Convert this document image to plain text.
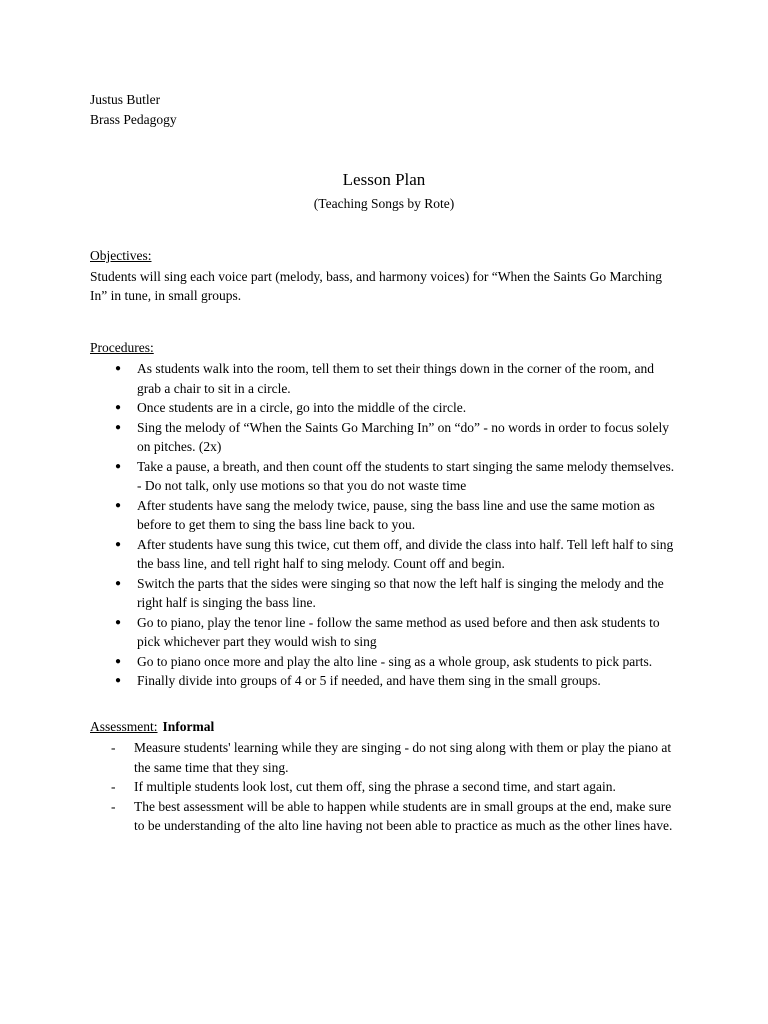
Justus Butler

Brass Pedagogy

Lesson Plan

(Teaching Songs by Rote)

Objectives:

Students will sing each voice part (melody, bass, and harmony voices) for “When the Saints Go Marching In” in tune, in small groups.

Procedures:

●	As students walk into the room, tell them to set their things down in the corner of the room, and grab a chair to sit in a circle.
●	Once students are in a circle, go into the middle of the circle.
●	Sing the melody of “When the Saints Go Marching In” on “do” - no words in order to focus solely on pitches. (2x)
●	Take a pause, a breath, and then count off the students to start singing the same melody themselves. - Do not talk, only use motions so that you do not waste time
●	After students have sang the melody twice, pause, sing the bass line and use the same motion as before to get them to sing the bass line back to you.
●	After students have sung this twice, cut them off, and divide the class into half. Tell left half to sing the bass line, and tell right half to sing melody. Count off and begin.
●	Switch the parts that the sides were singing so that now the left half is singing the melody and the right half is singing the bass line.
●	Go to piano, play the tenor line - follow the same method as used before and then ask students to pick whichever part they would wish to sing
●	Go to piano once more and play the alto line - sing as a whole group, ask students to pick parts.
●	Finally divide into groups of 4 or 5 if needed, and have them sing in the small groups.

Assessment: Informal

-	Measure students' learning while they are singing - do not sing along with them or play the piano at the same time that they sing.
-	If multiple students look lost, cut them off, sing the phrase a second time, and start again.
-	The best assessment will be able to happen while students are in small groups at the end, make sure to be understanding of the alto line having not been able to practice as much as the other lines have.
